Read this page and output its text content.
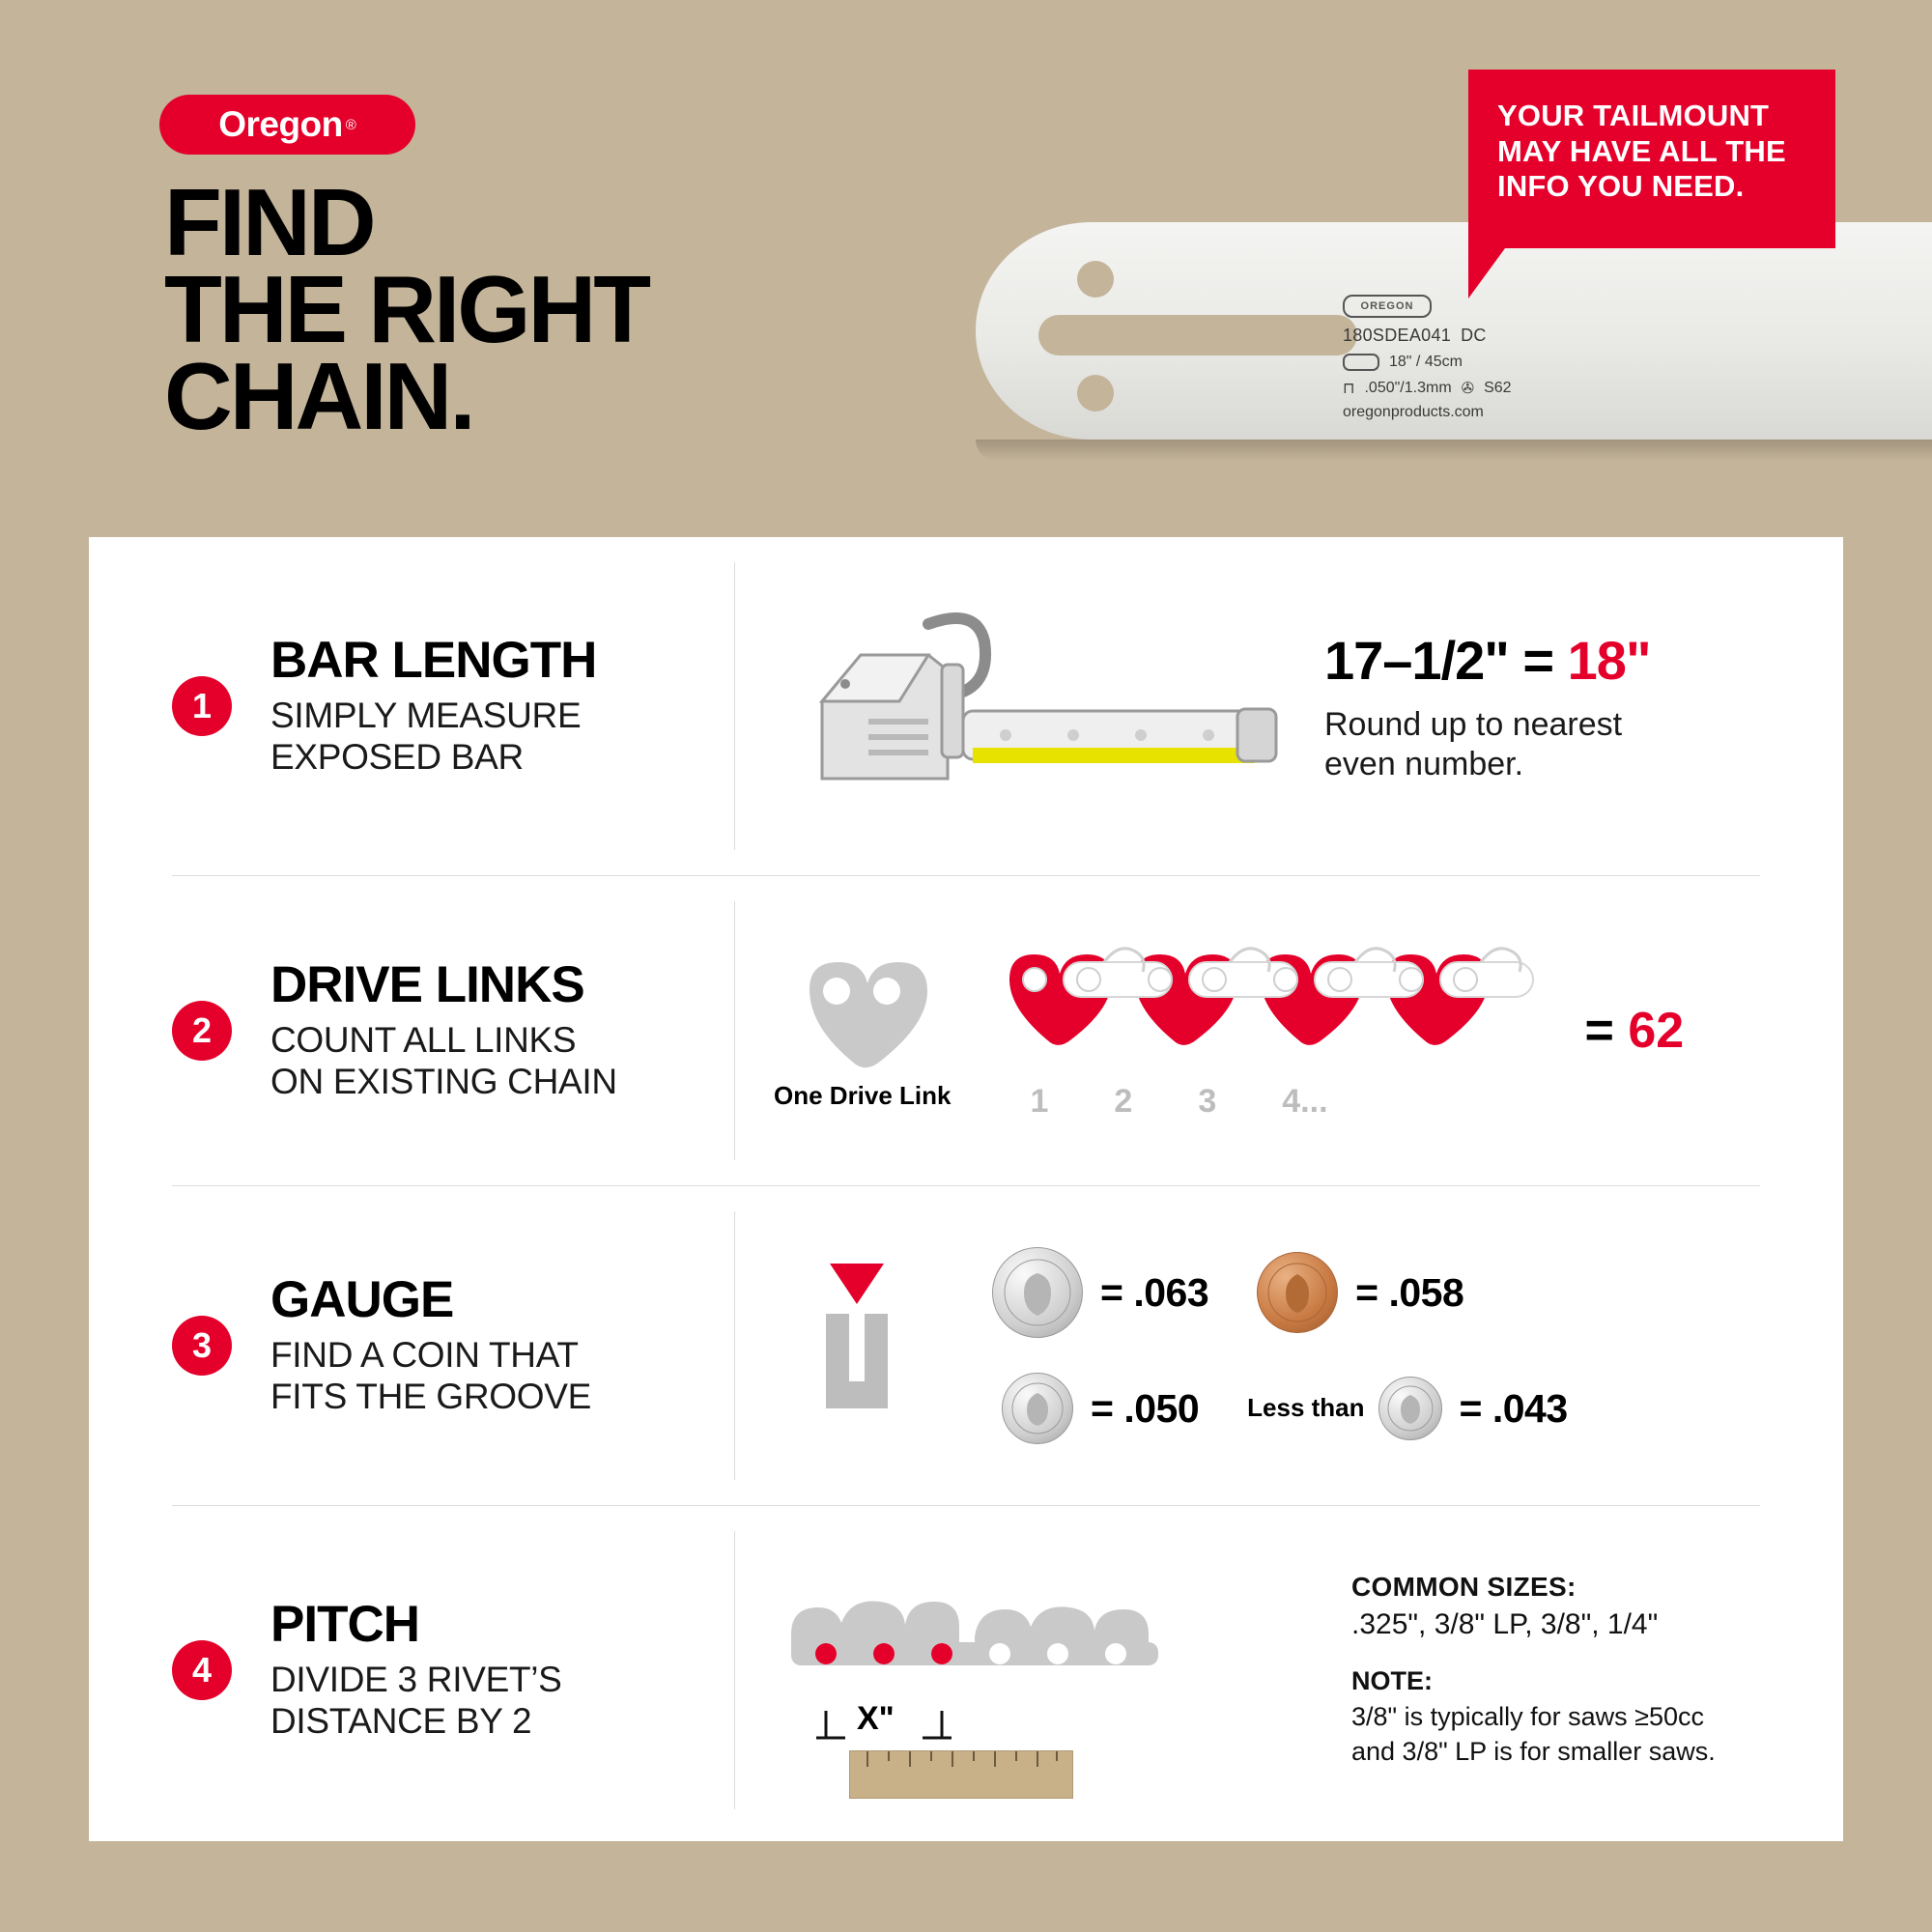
Oregon ®
FIND
THE RIGHT
CHAIN.
OREGON
180SDEA041 DC
18" / 45cm
⊓ .050"/1.3mm ✇ S62
oregonproducts.com
YOUR TAILMOUNT MAY HAVE ALL THE INFO YOU NEED.
1
BAR LENGTH
SIMPLY MEASURE
EXPOSED BAR
17–1/2" = 18"
Round up to nearest
even number.
2
DRIVE LINKS
COUNT ALL LINKS
ON EXISTING CHAIN	One Drive Link 1 2 3 4...
= 62
3
GAUGE
FIND A COIN THAT
FITS THE GROOVE
= .063	= .058
= .050 Less than = .043
4
PITCH
DIVIDE 3 RIVET’S
DISTANCE BY 2	X"
COMMON SIZES:
.325", 3/8" LP, 3/8", 1/4"
NOTE:
3/8" is typically for saws ≥50cc
and 3/8" LP is for smaller saws.
